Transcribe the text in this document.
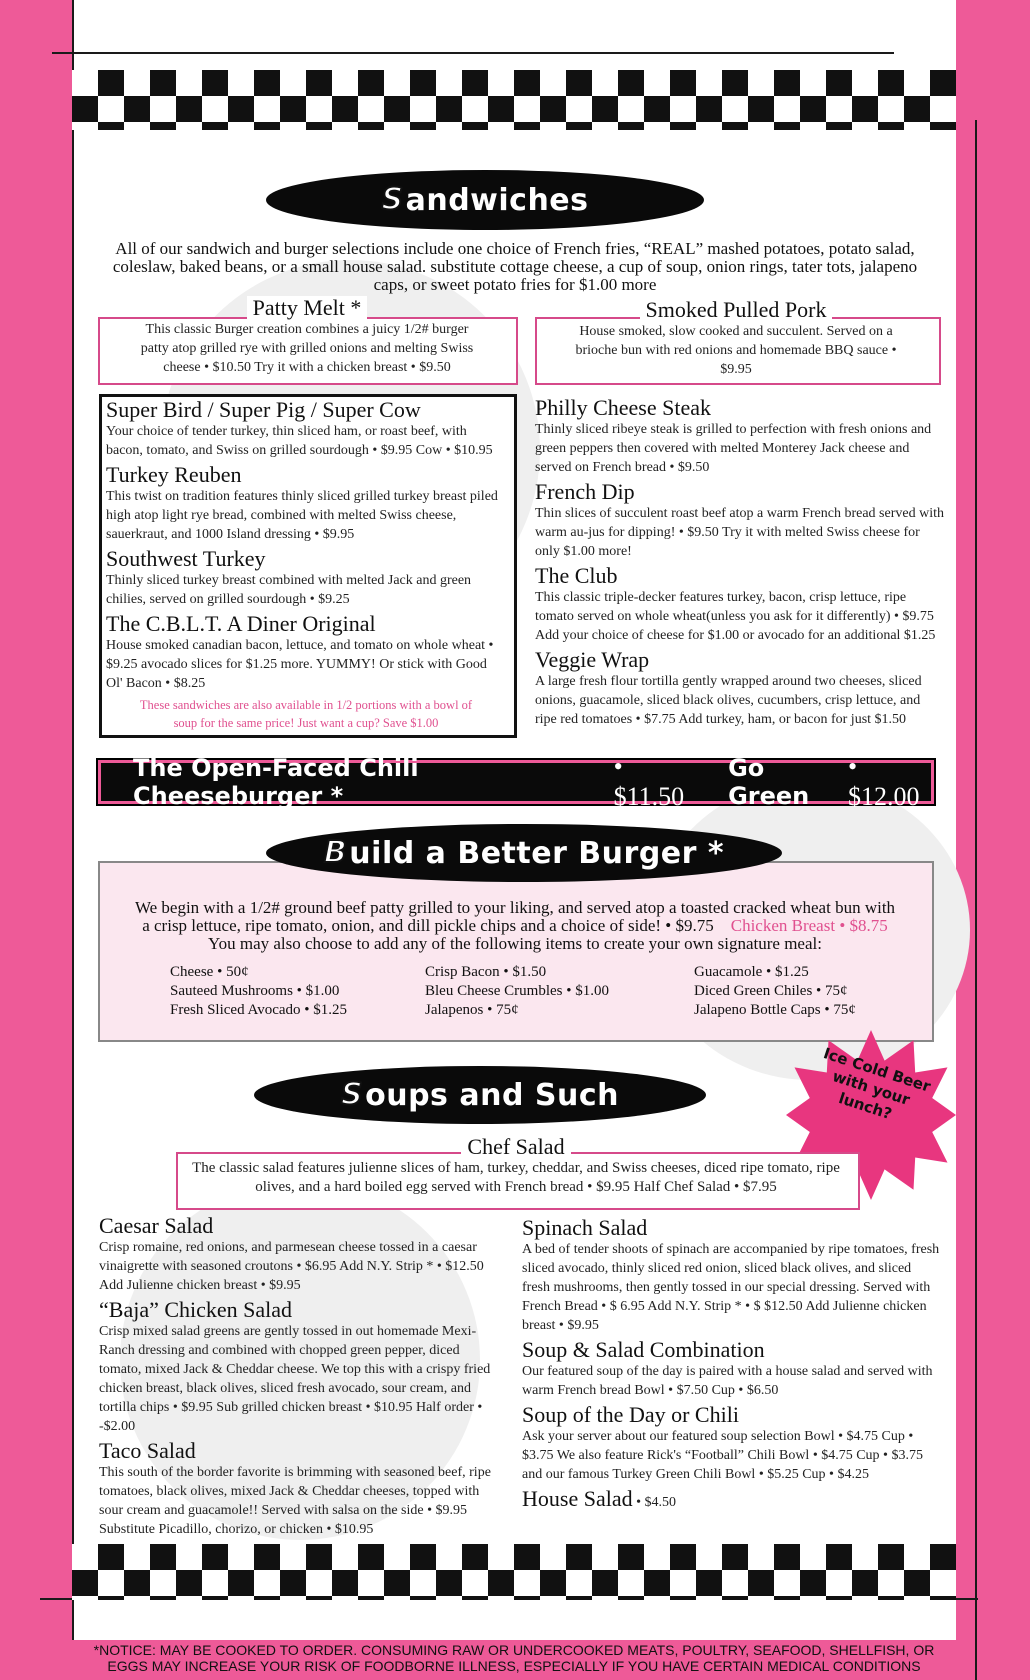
S andwiches
All of our sandwich and burger selections include one choice of French fries, “REAL” mashed potatoes, potato salad, coleslaw, baked beans, or a small house salad. substitute cottage cheese, a cup of soup, onion rings, tater tots, jalapeno caps, or sweet potato fries for $1.00 more
Patty Melt *
This classic Burger creation combines a juicy 1/2# burger patty atop grilled rye with grilled onions and melting Swiss cheese • $10.50 Try it with a chicken breast • $9.50
Smoked Pulled Pork
House smoked, slow cooked and succulent. Served on a brioche bun with red onions and homemade BBQ sauce • $9.95
Super Bird / Super Pig / Super Cow
Your choice of tender turkey, thin sliced ham, or roast beef, with bacon, tomato, and Swiss on grilled sourdough • $9.95 Cow • $10.95
Turkey Reuben
This twist on tradition features thinly sliced grilled turkey breast piled high atop light rye bread, combined with melted Swiss cheese, sauerkraut, and 1000 Island dressing • $9.95
Southwest Turkey
Thinly sliced turkey breast combined with melted Jack and green chilies, served on grilled sourdough • $9.25
The C.B.L.T. A Diner Original
House smoked canadian bacon, lettuce, and tomato on whole wheat • $9.25 avocado slices for $1.25 more. YUMMY! Or stick with Good Ol' Bacon • $8.25
These sandwiches are also available in 1/2 portions with a bowl of soup for the same price! Just want a cup? Save $1.00
Philly Cheese Steak
Thinly sliced ribeye steak is grilled to perfection with fresh onions and green peppers then covered with melted Monterey Jack cheese and served on French bread • $9.50
French Dip
Thin slices of succulent roast beef atop a warm French bread served with warm au-jus for dipping! • $9.50 Try it with melted Swiss cheese for only $1.00 more!
The Club
This classic triple-decker features turkey, bacon, crisp lettuce, ripe tomato served on whole wheat(unless you ask for it differently) • $9.75 Add your choice of cheese for $1.00 or avocado for an additional $1.25
Veggie Wrap
A large fresh flour tortilla gently wrapped around two cheeses, sliced onions, guacamole, sliced black olives, cucumbers, crisp lettuce, and ripe red tomatoes • $7.75 Add turkey, ham, or bacon for just $1.50
The Open-Faced Chili Cheeseburger *
• $11.50
Go Green
• $12.00
B uild a Better Burger *
We begin with a 1/2# ground beef patty grilled to your liking, and served atop a toasted cracked wheat bun with
a crisp lettuce, ripe tomato, onion, and dill pickle chips and a choice of side! • $9.75 Chicken Breast • $8.75
You may also choose to add any of the following items to create your own signature meal:
Cheese • 50¢
Sauteed Mushrooms • $1.00
Fresh Sliced Avocado • $1.25
Crisp Bacon • $1.50
Bleu Cheese Crumbles • $1.00
Jalapenos • 75¢
Guacamole • $1.25
Diced Green Chiles • 75¢
Jalapeno Bottle Caps • 75¢
Ice Cold Beer with your lunch?
S oups and Such
Chef Salad
The classic salad features julienne slices of ham, turkey, cheddar, and Swiss cheeses, diced ripe tomato, ripe olives, and a hard boiled egg served with French bread • $9.95 Half Chef Salad • $7.95
Caesar Salad
Crisp romaine, red onions, and parmesean cheese tossed in a caesar vinaigrette with seasoned croutons • $6.95 Add N.Y. Strip * • $12.50 Add Julienne chicken breast • $9.95
“Baja” Chicken Salad
Crisp mixed salad greens are gently tossed in out homemade Mexi-Ranch dressing and combined with chopped green pepper, diced tomato, mixed Jack & Cheddar cheese. We top this with a crispy fried chicken breast, black olives, sliced fresh avocado, sour cream, and tortilla chips • $9.95 Sub grilled chicken breast • $10.95 Half order • -$2.00
Taco Salad
This south of the border favorite is brimming with seasoned beef, ripe tomatoes, black olives, mixed Jack & Cheddar cheeses, topped with sour cream and guacamole!! Served with salsa on the side • $9.95 Substitute Picadillo, chorizo, or chicken • $10.95
Spinach Salad
A bed of tender shoots of spinach are accompanied by ripe tomatoes, fresh sliced avocado, thinly sliced red onion, sliced black olives, and sliced fresh mushrooms, then gently tossed in our special dressing. Served with French Bread • $ 6.95 Add N.Y. Strip * • $ $12.50 Add Julienne chicken breast • $9.95
Soup & Salad Combination
Our featured soup of the day is paired with a house salad and served with warm French bread Bowl • $7.50 Cup • $6.50
Soup of the Day or Chili
Ask your server about our featured soup selection Bowl • $4.75 Cup • $3.75 We also feature Rick's “Football” Chili Bowl • $4.75 Cup • $3.75 and our famous Turkey Green Chili Bowl • $5.25 Cup • $4.25
House Salad • $4.50
*NOTICE: MAY BE COOKED TO ORDER. CONSUMING RAW OR UNDERCOOKED MEATS, POULTRY, SEAFOOD, SHELLFISH, OR EGGS MAY INCREASE YOUR RISK OF FOODBORNE ILLNESS, ESPECIALLY IF YOU HAVE CERTAIN MEDICAL CONDITIONS
